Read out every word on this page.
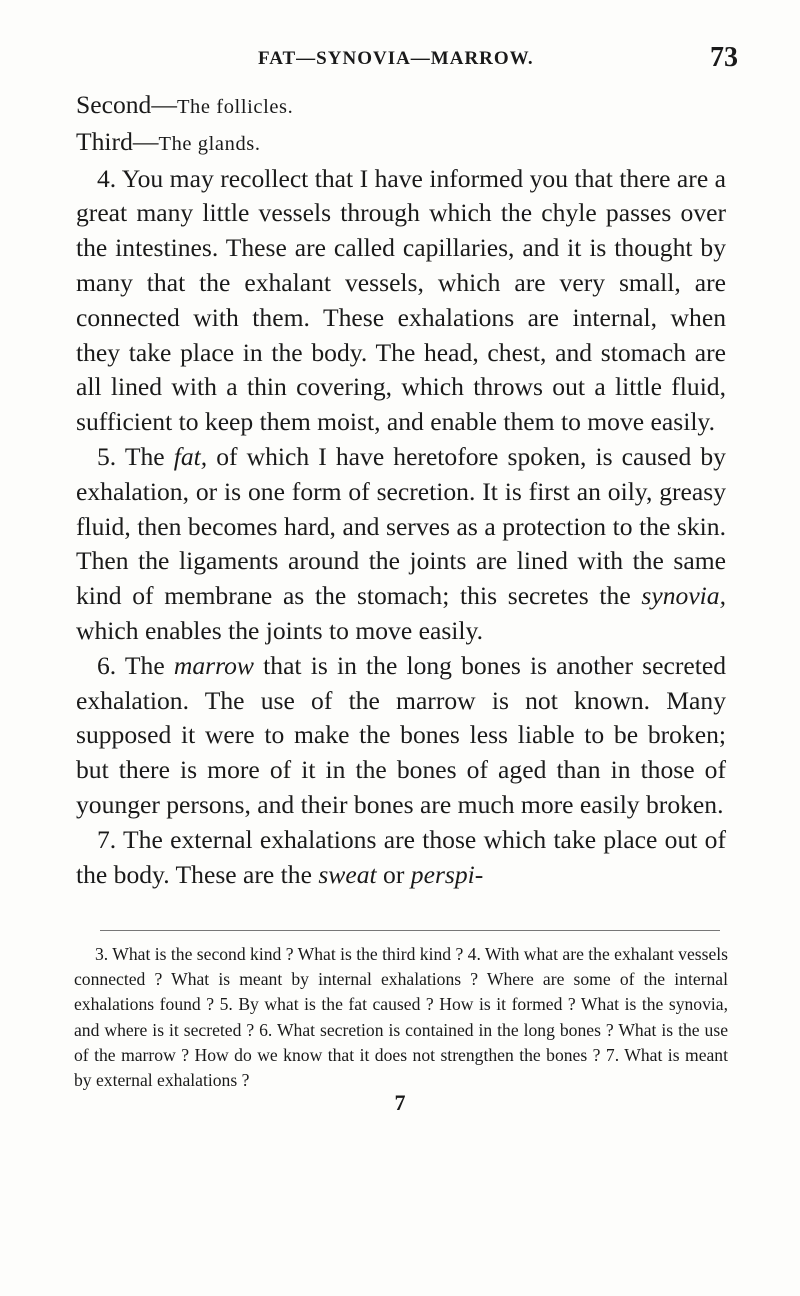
FAT—SYNOVIA—MARROW.	73

Second—The follicles.

Third—The glands.

4. You may recollect that I have informed you that there are a great many little vessels through which the chyle passes over the intestines. These are called capillaries, and it is thought by many that the exhalant vessels, which are very small, are connected with them. These exhalations are internal, when they take place in the body. The head, chest, and stomach are all lined with a thin covering, which throws out a little fluid, sufficient to keep them moist, and enable them to move easily.

5. The fat, of which I have heretofore spoken, is caused by exhalation, or is one form of secretion. It is first an oily, greasy fluid, then becomes hard, and serves as a protection to the skin. Then the ligaments around the joints are lined with the same kind of membrane as the stomach; this secretes the synovia, which enables the joints to move easily.

6. The marrow that is in the long bones is another secreted exhalation. The use of the marrow is not known. Many supposed it were to make the bones less liable to be broken; but there is more of it in the bones of aged than in those of younger persons, and their bones are much more easily broken.

7. The external exhalations are those which take place out of the body. These are the sweat or perspi-

3. What is the second kind ? What is the third kind ? 4. With what are the exhalant vessels connected ? What is meant by internal exhalations ? Where are some of the internal exhalations found ? 5. By what is the fat caused ? How is it formed ? What is the synovia, and where is it secreted ? 6. What secretion is contained in the long bones ? What is the use of the marrow ? How do we know that it does not strengthen the bones ? 7. What is meant by external exhalations ?

7
